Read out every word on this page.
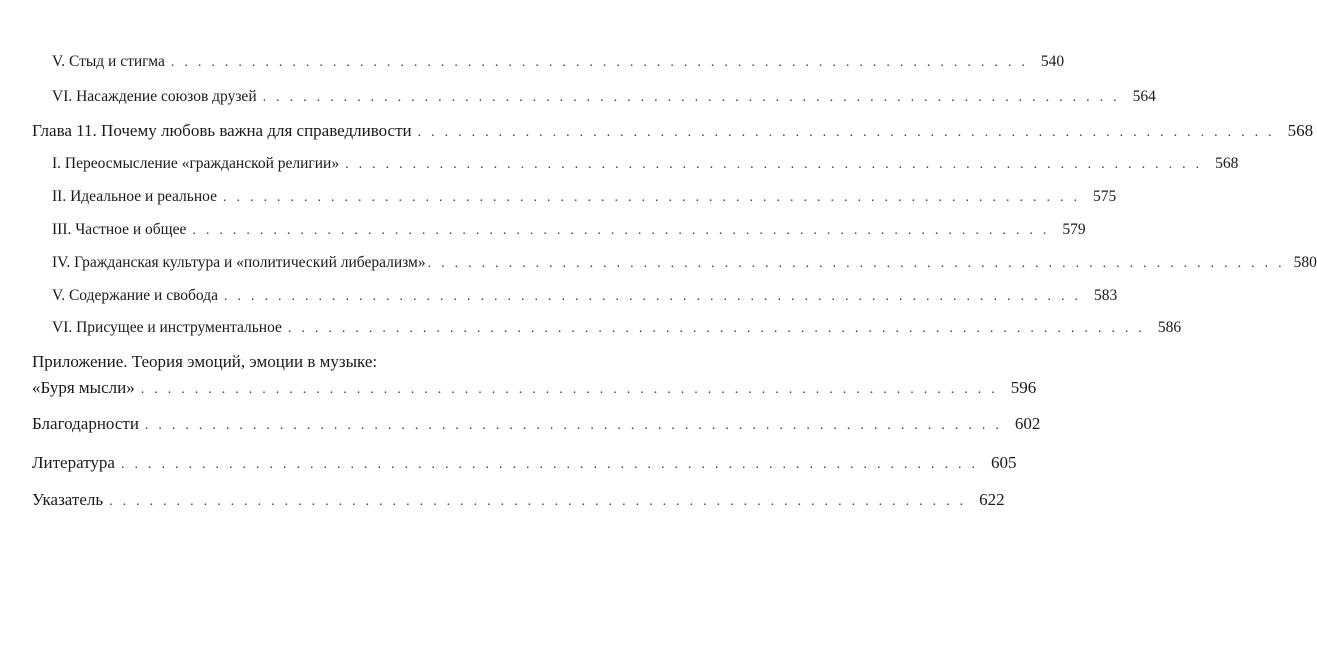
V. Стыд и стигма ................................................................ 540
VI. Насаждение союзов друзей ................................................................ 564
Глава 11. Почему любовь важна для справедливости ................................................................ 568
I. Переосмысление «гражданской религии» ................................................................ 568
II. Идеальное и реальное ................................................................ 575
III. Частное и общее ................................................................ 579
IV. Гражданская культура и «политический либерализм» ................................................................ 580
V. Содержание и свобода ................................................................ 583
VI. Присущее и инструментальное ................................................................ 586
Приложение. Теория эмоций, эмоции в музыке:
«Буря мысли» ................................................................ 596
Благодарности ................................................................ 602
Литература ................................................................ 605
Указатель ................................................................ 622
